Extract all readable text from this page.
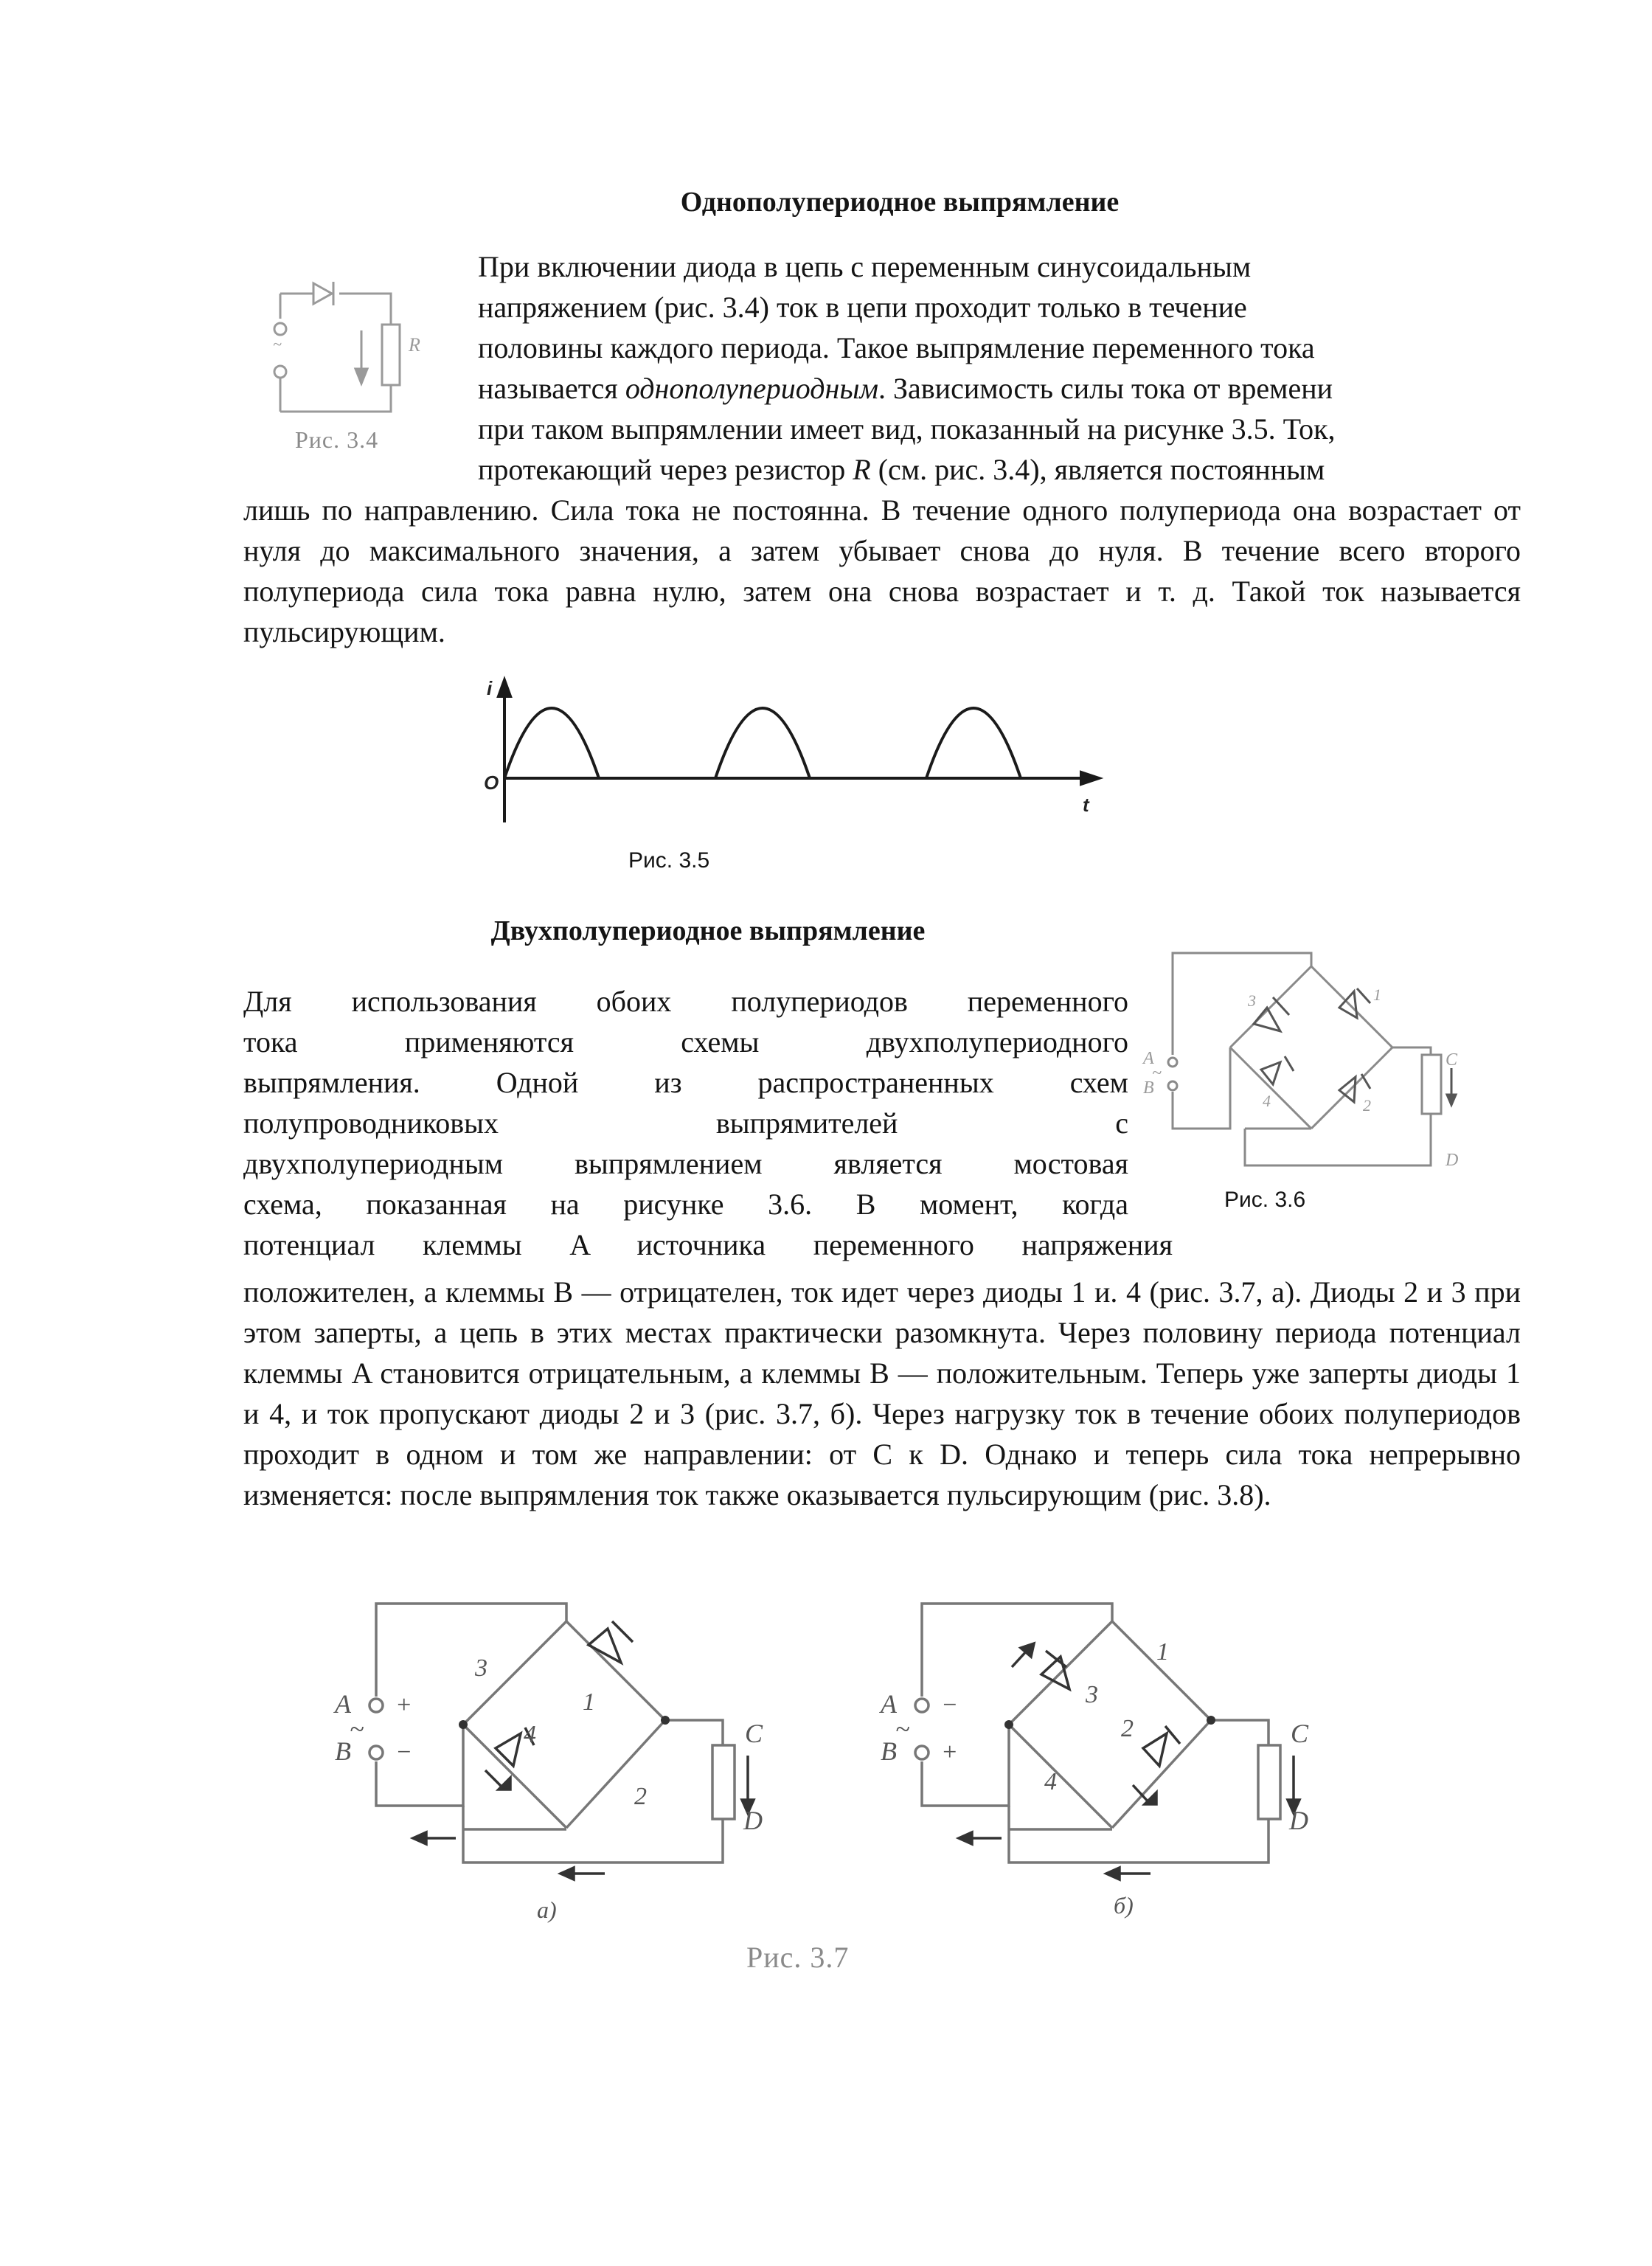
Однополупериодное выпрямление
~	R
Рис. 3.4

При включении диода в цепь с переменным синусоидальным

напряжением (рис. 3.4) ток в цепи проходит только в течение

половины каждого периода. Такое выпрямление переменного тока

называется однополупериодным. Зависимость силы тока от времени

при таком выпрямлении имеет вид, показанный на рисунке 3.5. Ток,

протекающий через резистор R (см. рис. 3.4), является постоянным

лишь по направлению. Сила тока не постоянна. В течение одного полупериода она возрастает от нуля до максимального значения, а затем убывает снова до нуля. В течение всего второго полупериода сила тока равна нулю, затем она снова возрастает и т. д. Такой ток называется пульсирующим.

i
O
t
Рис. 3.5
Двухполупериодное выпрямление

Для использования обоих полупериодов переменного

тока применяются схемы двухполупериодного

выпрямления. Одной из распространенных схем

полупроводниковых выпрямителей с

двухполупериодным выпрямлением является мостовая

схема, показанная на рисунке 3.6. В момент, когда

потенциал клеммы A источника переменного напряжения

A
~
B
C
D
3	1
4	2
Рис. 3.6

положителен, а клеммы B — отрицателен, ток идет через диоды 1 и. 4 (рис. 3.7, а). Диоды 2 и 3 при этом заперты, а цепь в этих местах практически разомкнута. Через половину периода потенциал клеммы A становится отрицательным, а клеммы B — положительным. Теперь уже заперты диоды 1 и 4, и ток пропускают диоды 2 и 3 (рис. 3.7, б). Через нагрузку ток в течение обоих полупериодов проходит в одном и том же направлении: от C к D. Однако и теперь сила тока непрерывно изменяется: после выпрямления ток также оказывается пульсирующим (рис. 3.8).

A +
~
B −
C
D
3
1
4
2
а)
A −
~
B +
C
D
3
1
4
2
б)
Рис. 3.7
